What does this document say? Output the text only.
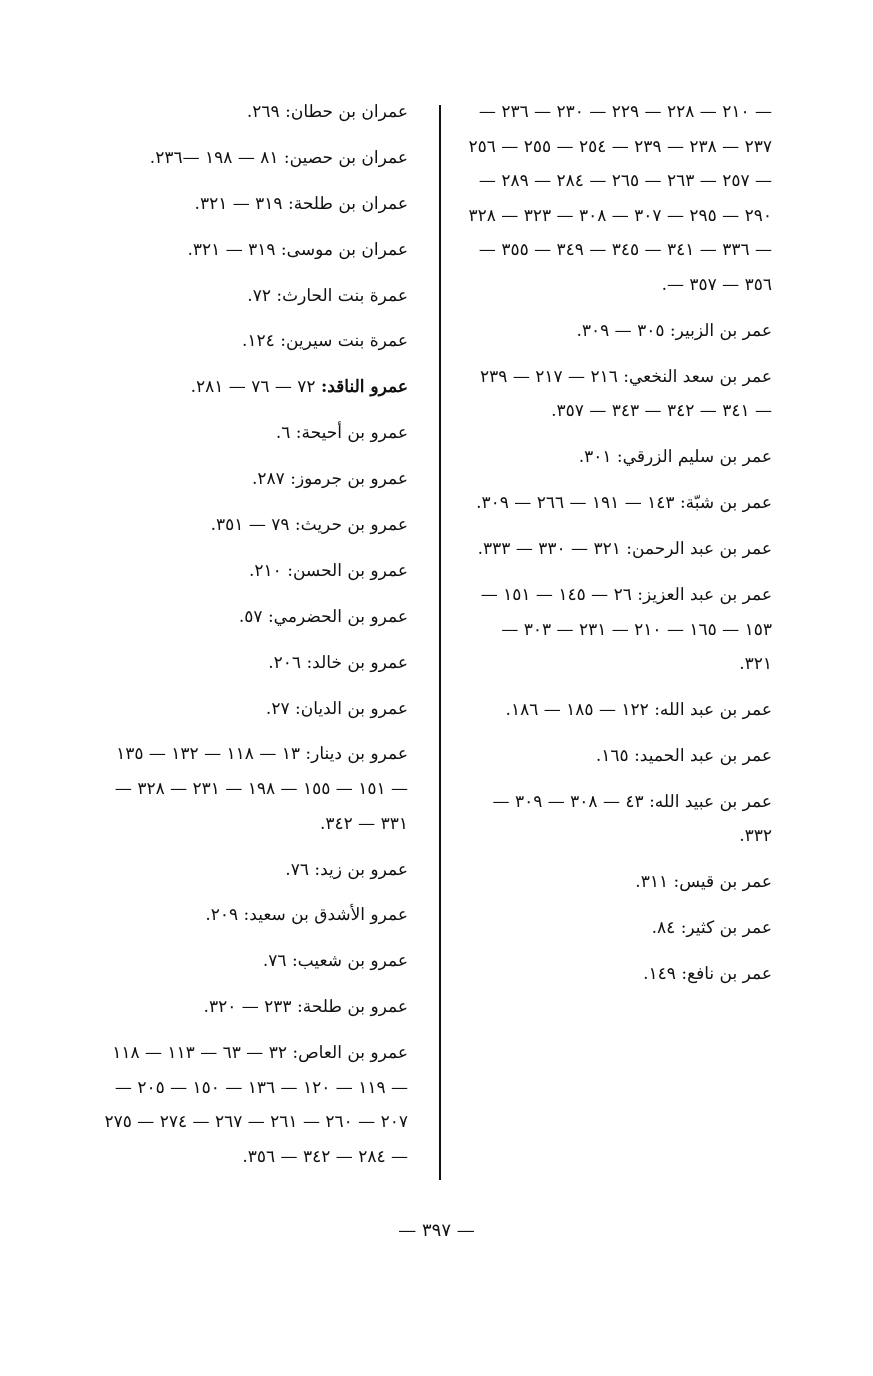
— ٢١٠ — ٢٢٨ — ٢٢٩ — ٢٣٠ — ٢٣٦ — ٢٣٧ — ٢٣٨ — ٢٣٩ — ٢٥٤ — ٢٥٥ — ٢٥٦ — ٢٥٧ — ٢٦٣ — ٢٦٥ — ٢٨٤ — ٢٨٩ — ٢٩٠ — ٢٩٥ — ٣٠٧ — ٣٠٨ — ٣٢٣ — ٣٢٨ — ٣٣٦ — ٣٤١ — ٣٤٥ — ٣٤٩ — ٣٥٥ — ٣٥٦ — ٣٥٧ —.
عمر بن الزبير: ٣٠٥ — ٣٠٩.
عمر بن سعد النخعي: ٢١٦ — ٢١٧ — ٢٣٩ — ٣٤١ — ٣٤٢ — ٣٤٣ — ٣٥٧.
عمر بن سليم الزرقي: ٣٠١.
عمر بن شبّة: ١٤٣ — ١٩١ — ٢٦٦ — ٣٠٩.
عمر بن عبد الرحمن: ٣٢١ — ٣٣٠ — ٣٣٣.
عمر بن عبد العزيز: ٢٦ — ١٤٥ — ١٥١ — ١٥٣ — ١٦٥ — ٢١٠ — ٢٣١ — ٣٠٣ — ٣٢١.
عمر بن عبد الله: ١٢٢ — ١٨٥ — ١٨٦.
عمر بن عبد الحميد: ١٦٥.
عمر بن عبيد الله: ٤٣ — ٣٠٨ — ٣٠٩ — ٣٣٢.
عمر بن قيس: ٣١١.
عمر بن كثير: ٨٤.
عمر بن نافع: ١٤٩.
عمران بن حطان: ٢٦٩.
عمران بن حصين: ٨١ — ١٩٨ —٢٣٦.
عمران بن طلحة: ٣١٩ — ٣٢١.
عمران بن موسى: ٣١٩ — ٣٢١.
عمرة بنت الحارث: ٧٢.
عمرة بنت سيرين: ١٢٤.
عمرو الناقد: ٧٢ — ٧٦ — ٢٨١.
عمرو بن أحيحة: ٦.
عمرو بن جرموز: ٢٨٧.
عمرو بن حريث: ٧٩ — ٣٥١.
عمرو بن الحسن: ٢١٠.
عمرو بن الحضرمي: ٥٧.
عمرو بن خالد: ٢٠٦.
عمرو بن الديان: ٢٧.
عمرو بن دينار: ١٣ — ١١٨ — ١٣٢ — ١٣٥ — ١٥١ — ١٥٥ — ١٩٨ — ٢٣١ — ٣٢٨ — ٣٣١ — ٣٤٢.
عمرو بن زيد: ٧٦.
عمرو الأشدق بن سعيد: ٢٠٩.
عمرو بن شعيب: ٧٦.
عمرو بن طلحة: ٢٣٣ — ٣٢٠.
عمرو بن العاص: ٣٢ — ٦٣ — ١١٣ — ١١٨ — ١١٩ — ١٢٠ — ١٣٦ — ١٥٠ — ٢٠٥ — ٢٠٧ — ٢٦٠ — ٢٦١ — ٢٦٧ — ٢٧٤ — ٢٧٥ — ٢٨٤ — ٣٤٢ — ٣٥٦.
— ٣٩٧ —
